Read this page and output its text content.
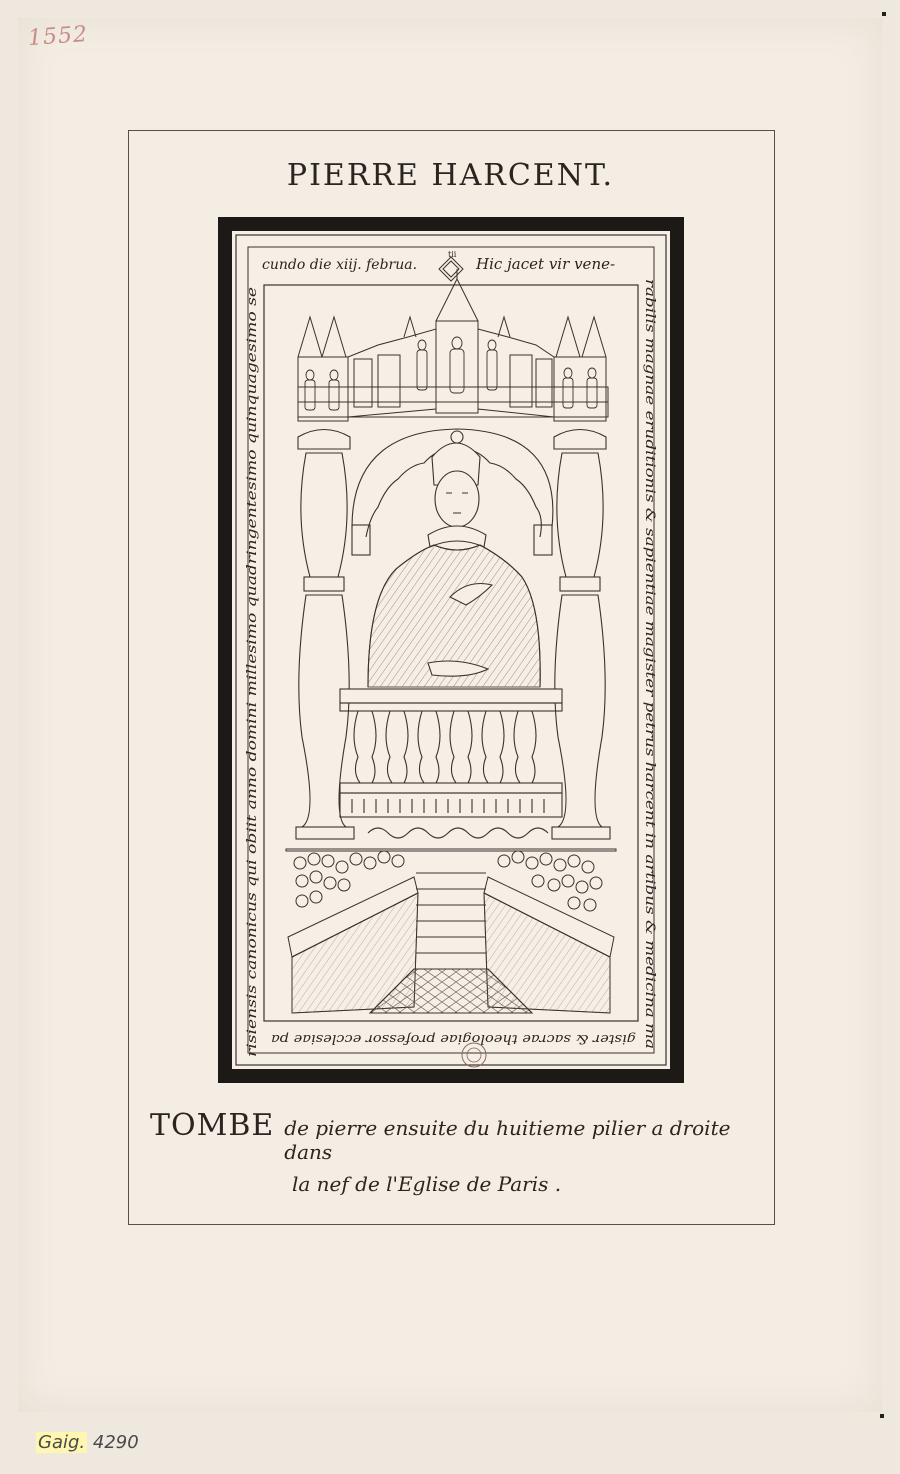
1552
PIERRE HARCENT.
cundo die xiij. februa.	Hic jacet vir vene-
tii
rabilis magnae eruditionis & sapientiae magister petrus harcent in artibus & medicina ma
gister & sacrae theologiae professor ecclesiae pa
risiensis canonicus qui obiit anno domini millesimo quadringentesimo quinquagesimo se
TOMBE de pierre ensuite du huitieme pilier a droite dans
la nef de l'Eglise de Paris .
Gaig. 4290
